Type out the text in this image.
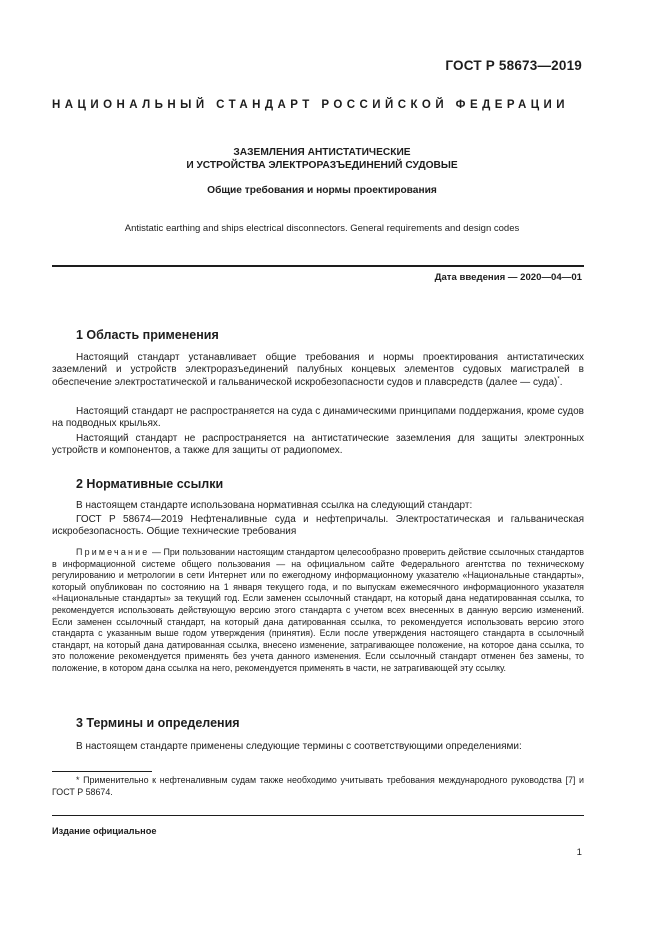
ГОСТ Р 58673—2019
НАЦИОНАЛЬНЫЙ СТАНДАРТ РОССИЙСКОЙ ФЕДЕРАЦИИ
ЗАЗЕМЛЕНИЯ АНТИСТАТИЧЕСКИЕ
И УСТРОЙСТВА ЭЛЕКТРОРАЗЪЕДИНЕНИЙ СУДОВЫЕ
Общие требования и нормы проектирования
Antistatic earthing and ships electrical disconnectors. General requirements and design codes
Дата введения — 2020—04—01
1 Область применения
Настоящий стандарт устанавливает общие требования и нормы проектирования антистатических заземлений и устройств электроразъединений палубных концевых элементов судовых магистралей в обеспечение электростатической и гальванической искробезопасности судов и плавсредств (далее — суда)*.
Настоящий стандарт не распространяется на суда с динамическими принципами поддержания, кроме судов на подводных крыльях.
Настоящий стандарт не распространяется на антистатические заземления для защиты электронных устройств и компонентов, а также для защиты от радиопомех.
2 Нормативные ссылки
В настоящем стандарте использована нормативная ссылка на следующий стандарт:
ГОСТ Р 58674—2019 Нефтеналивные суда и нефтепричалы. Электростатическая и гальваническая искробезопасность. Общие технические требования
Примечание — При пользовании настоящим стандартом целесообразно проверить действие ссылочных стандартов в информационной системе общего пользования — на официальном сайте Федерального агентства по техническому регулированию и метрологии в сети Интернет или по ежегодному информационному указателю «Национальные стандарты», который опубликован по состоянию на 1 января текущего года, и по выпускам ежемесячного информационного указателя «Национальные стандарты» за текущий год. Если заменен ссылочный стандарт, на который дана недатированная ссылка, то рекомендуется использовать действующую версию этого стандарта с учетом всех внесенных в данную версию изменений. Если заменен ссылочный стандарт, на который дана датированная ссылка, то рекомендуется использовать версию этого стандарта с указанным выше годом утверждения (принятия). Если после утверждения настоящего стандарта в ссылочный стандарт, на который дана датированная ссылка, внесено изменение, затрагивающее положение, на которое дана ссылка, то это положение рекомендуется применять без учета данного изменения. Если ссылочный стандарт отменен без замены, то положение, в котором дана ссылка на него, рекомендуется применять в части, не затрагивающей эту ссылку.
3 Термины и определения
В настоящем стандарте применены следующие термины с соответствующими определениями:
* Применительно к нефтеналивным судам также необходимо учитывать требования международного руководства [7] и ГОСТ Р 58674.
Издание официальное
1
